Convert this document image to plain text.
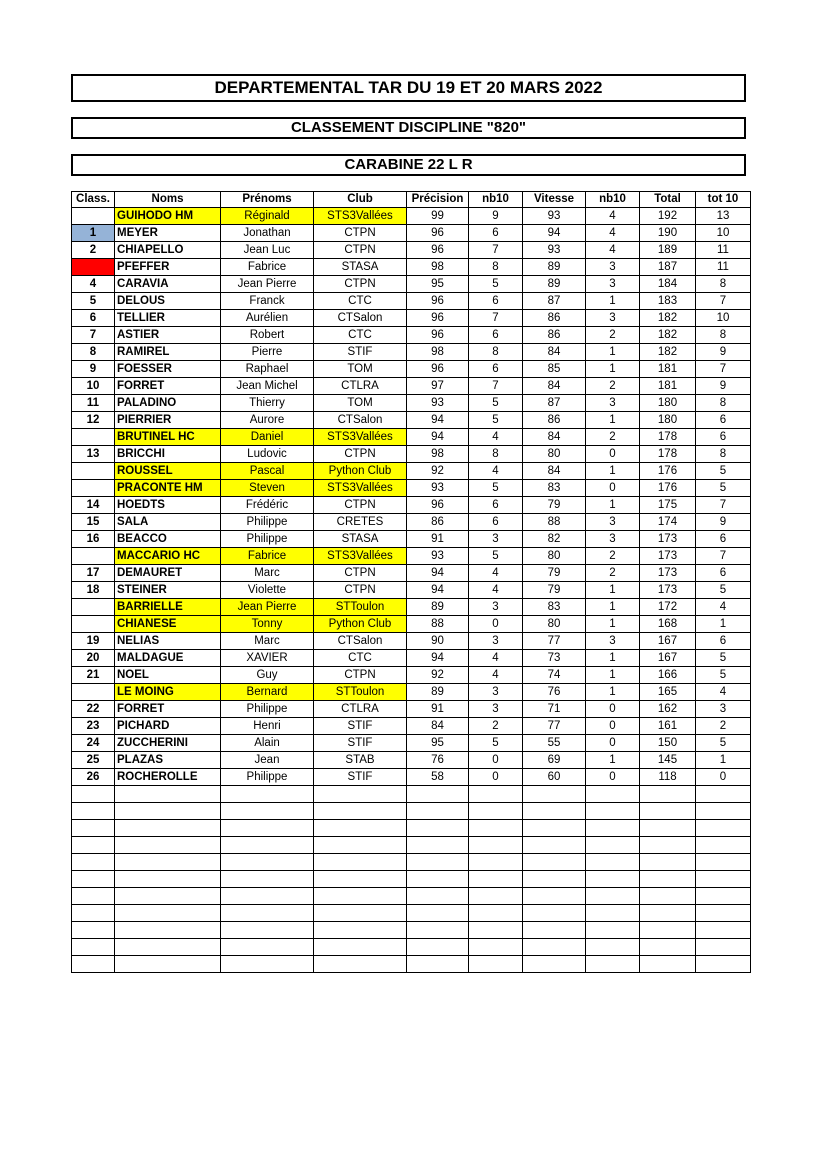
DEPARTEMENTAL TAR DU 19 ET 20 MARS 2022
CLASSEMENT DISCIPLINE "820"
CARABINE 22 L R
Class.	Noms	Prénoms	Club	Précision	nb10	Vitesse	nb10	Total	tot 10
	GUIHODO HM	Réginald	STS3Vallées	99	9	93	4	192	13
1	MEYER	Jonathan	CTPN	96	6	94	4	190	10
2	CHIAPELLO	Jean Luc	CTPN	96	7	93	4	189	11
3	PFEFFER	Fabrice	STASA	98	8	89	3	187	11
4	CARAVIA	Jean Pierre	CTPN	95	5	89	3	184	8
5	DELOUS	Franck	CTC	96	6	87	1	183	7
6	TELLIER	Aurélien	CTSalon	96	7	86	3	182	10
7	ASTIER	Robert	CTC	96	6	86	2	182	8
8	RAMIREL	Pierre	STIF	98	8	84	1	182	9
9	FOESSER	Raphael	TOM	96	6	85	1	181	7
10	FORRET	Jean Michel	CTLRA	97	7	84	2	181	9
11	PALADINO	Thierry	TOM	93	5	87	3	180	8
12	PIERRIER	Aurore	CTSalon	94	5	86	1	180	6
	BRUTINEL HC	Daniel	STS3Vallées	94	4	84	2	178	6
13	BRICCHI	Ludovic	CTPN	98	8	80	0	178	8
	ROUSSEL	Pascal	Python Club	92	4	84	1	176	5
	PRACONTE HM	Steven	STS3Vallées	93	5	83	0	176	5
14	HOEDTS	Frédéric	CTPN	96	6	79	1	175	7
15	SALA	Philippe	CRETES	86	6	88	3	174	9
16	BEACCO	Philippe	STASA	91	3	82	3	173	6
	MACCARIO HC	Fabrice	STS3Vallées	93	5	80	2	173	7
17	DEMAURET	Marc	CTPN	94	4	79	2	173	6
18	STEINER	Violette	CTPN	94	4	79	1	173	5
	BARRIELLE	Jean Pierre	STToulon	89	3	83	1	172	4
	CHIANESE	Tonny	Python Club	88	0	80	1	168	1
19	NELIAS	Marc	CTSalon	90	3	77	3	167	6
20	MALDAGUE	XAVIER	CTC	94	4	73	1	167	5
21	NOEL	Guy	CTPN	92	4	74	1	166	5
	LE MOING	Bernard	STToulon	89	3	76	1	165	4
22	FORRET	Philippe	CTLRA	91	3	71	0	162	3
23	PICHARD	Henri	STIF	84	2	77	0	161	2
24	ZUCCHERINI	Alain	STIF	95	5	55	0	150	5
25	PLAZAS	Jean	STAB	76	0	69	1	145	1
26	ROCHEROLLE	Philippe	STIF	58	0	60	0	118	0
